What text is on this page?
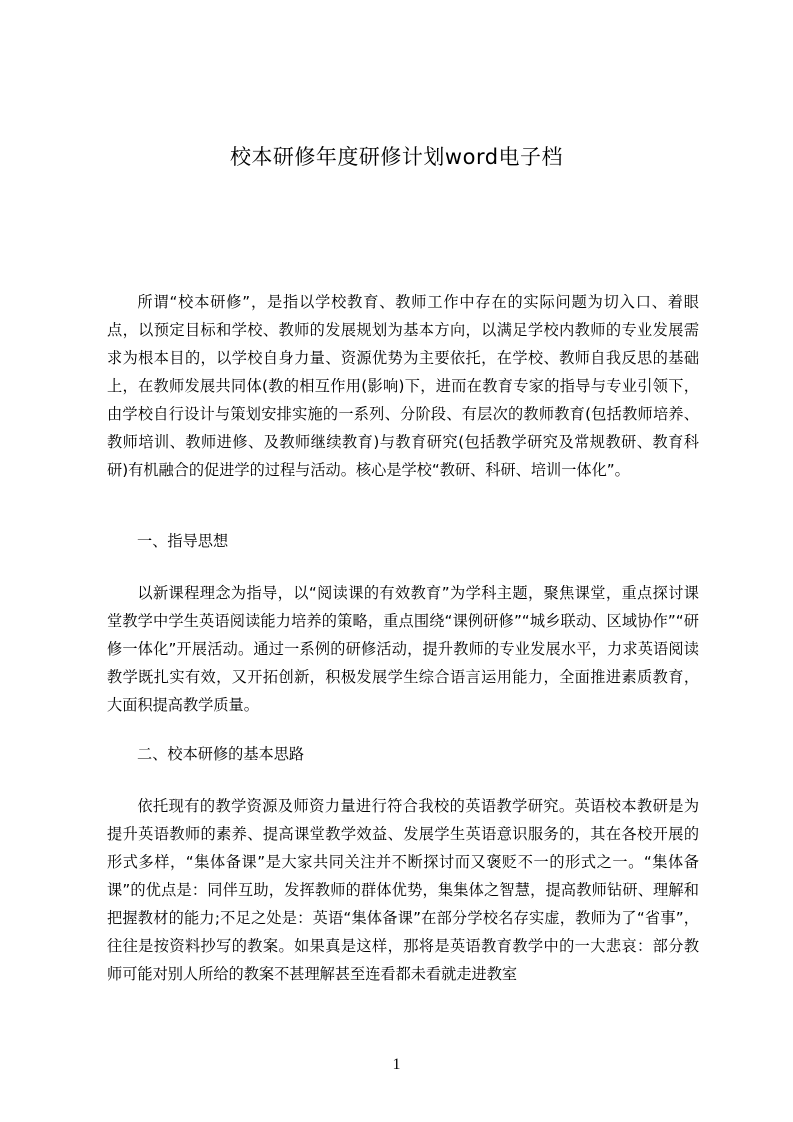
校本研修年度研修计划word电子档

所谓“校本研修”，是指以学校教育、教师工作中存在的实际问题为切入口、着眼点，以预定目标和学校、教师的发展规划为基本方向，以满足学校内教师的专业发展需求为根本目的，以学校自身力量、资源优势为主要依托，在学校、教师自我反思的基础上，在教师发展共同体(教的相互作用(影响)下，进而在教育专家的指导与专业引领下，由学校自行设计与策划安排实施的一系列、分阶段、有层次的教师教育(包括教师培养、教师培训、教师进修、及教师继续教育)与教育研究(包括教学研究及常规教研、教育科研)有机融合的促进学的过程与活动。核心是学校“教研、科研、培训一体化”。

一、指导思想

以新课程理念为指导，以“阅读课的有效教育”为学科主题，聚焦课堂，重点探讨课堂教学中学生英语阅读能力培养的策略，重点围绕“课例研修”“城乡联动、区域协作”“研修一体化”开展活动。通过一系例的研修活动，提升教师的专业发展水平，力求英语阅读教学既扎实有效，又开拓创新，积极发展学生综合语言运用能力，全面推进素质教育，大面积提高教学质量。

二、校本研修的基本思路

依托现有的教学资源及师资力量进行符合我校的英语教学研究。英语校本教研是为提升英语教师的素养、提高课堂教学效益、发展学生英语意识服务的，其在各校开展的形式多样，“集体备课”是大家共同关注并不断探讨而又褒贬不一的形式之一。“集体备课”的优点是：同伴互助，发挥教师的群体优势，集集体之智慧，提高教师钻研、理解和把握教材的能力;不足之处是：英语“集体备课”在部分学校名存实虚，教师为了“省事”，往往是按资料抄写的教案。如果真是这样，那将是英语教育教学中的一大悲哀：部分教师可能对别人所给的教案不甚理解甚至连看都未看就走进教室

1
